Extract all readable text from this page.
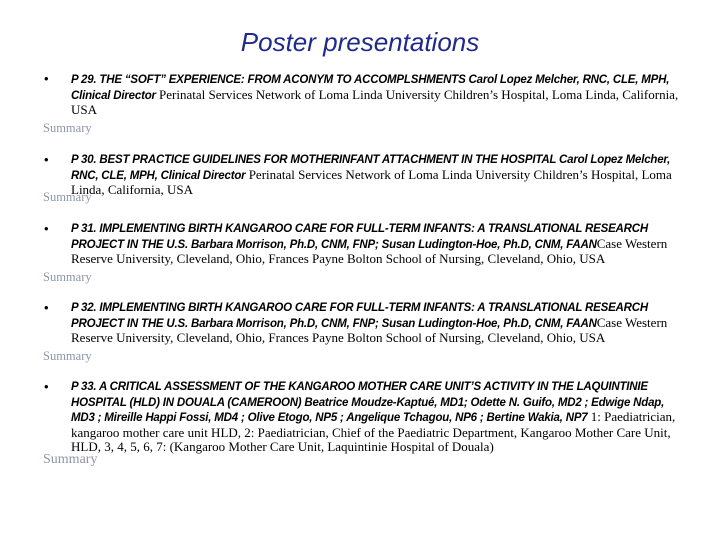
Poster presentations
• P 29. THE “SOFT” EXPERIENCE: FROM ACONYM TO ACCOMPLSHMENTS Carol Lopez Melcher, RNC, CLE, MPH, Clinical Director Perinatal Services Network of Loma Linda University Children’s Hospital, Loma Linda, California, USA
Summary
• P 30. BEST PRACTICE GUIDELINES FOR MOTHERINFANT ATTACHMENT IN THE HOSPITAL Carol Lopez Melcher, RNC, CLE, MPH, Clinical Director Perinatal Services Network of Loma Linda University Children’s Hospital, Loma Linda, California, USA
Summary
• P 31. IMPLEMENTING BIRTH KANGAROO CARE FOR FULL-TERM INFANTS: A TRANSLATIONAL RESEARCH PROJECT IN THE U.S. Barbara Morrison, Ph.D, CNM, FNP; Susan Ludington-Hoe, Ph.D, CNM, FAANCase Western Reserve University, Cleveland, Ohio, Frances Payne Bolton School of Nursing, Cleveland, Ohio, USA
Summary
• P 32. IMPLEMENTING BIRTH KANGAROO CARE FOR FULL-TERM INFANTS: A TRANSLATIONAL RESEARCH PROJECT IN THE U.S. Barbara Morrison, Ph.D, CNM, FNP; Susan Ludington-Hoe, Ph.D, CNM, FAANCase Western Reserve University, Cleveland, Ohio, Frances Payne Bolton School of Nursing, Cleveland, Ohio, USA
Summary
• P 33. A CRITICAL ASSESSMENT OF THE KANGAROO MOTHER CARE UNIT’S ACTIVITY IN THE LAQUINTINIE HOSPITAL (HLD) IN DOUALA (CAMEROON) Beatrice Moudze-Kaptué, MD1; Odette N. Guifo, MD2 ; Edwige Ndap, MD3 ; Mireille Happi Fossi, MD4 ; Olive Etogo, NP5 ; Angelique Tchagou, NP6 ; Bertine Wakia, NP7 1: Paediatrician, kangaroo mother care unit HLD, 2: Paediatrician, Chief of the Paediatric Department, Kangaroo Mother Care Unit, HLD, 3, 4, 5, 6, 7: (Kangaroo Mother Care Unit, Laquintinie Hospital of Douala)
Summary
